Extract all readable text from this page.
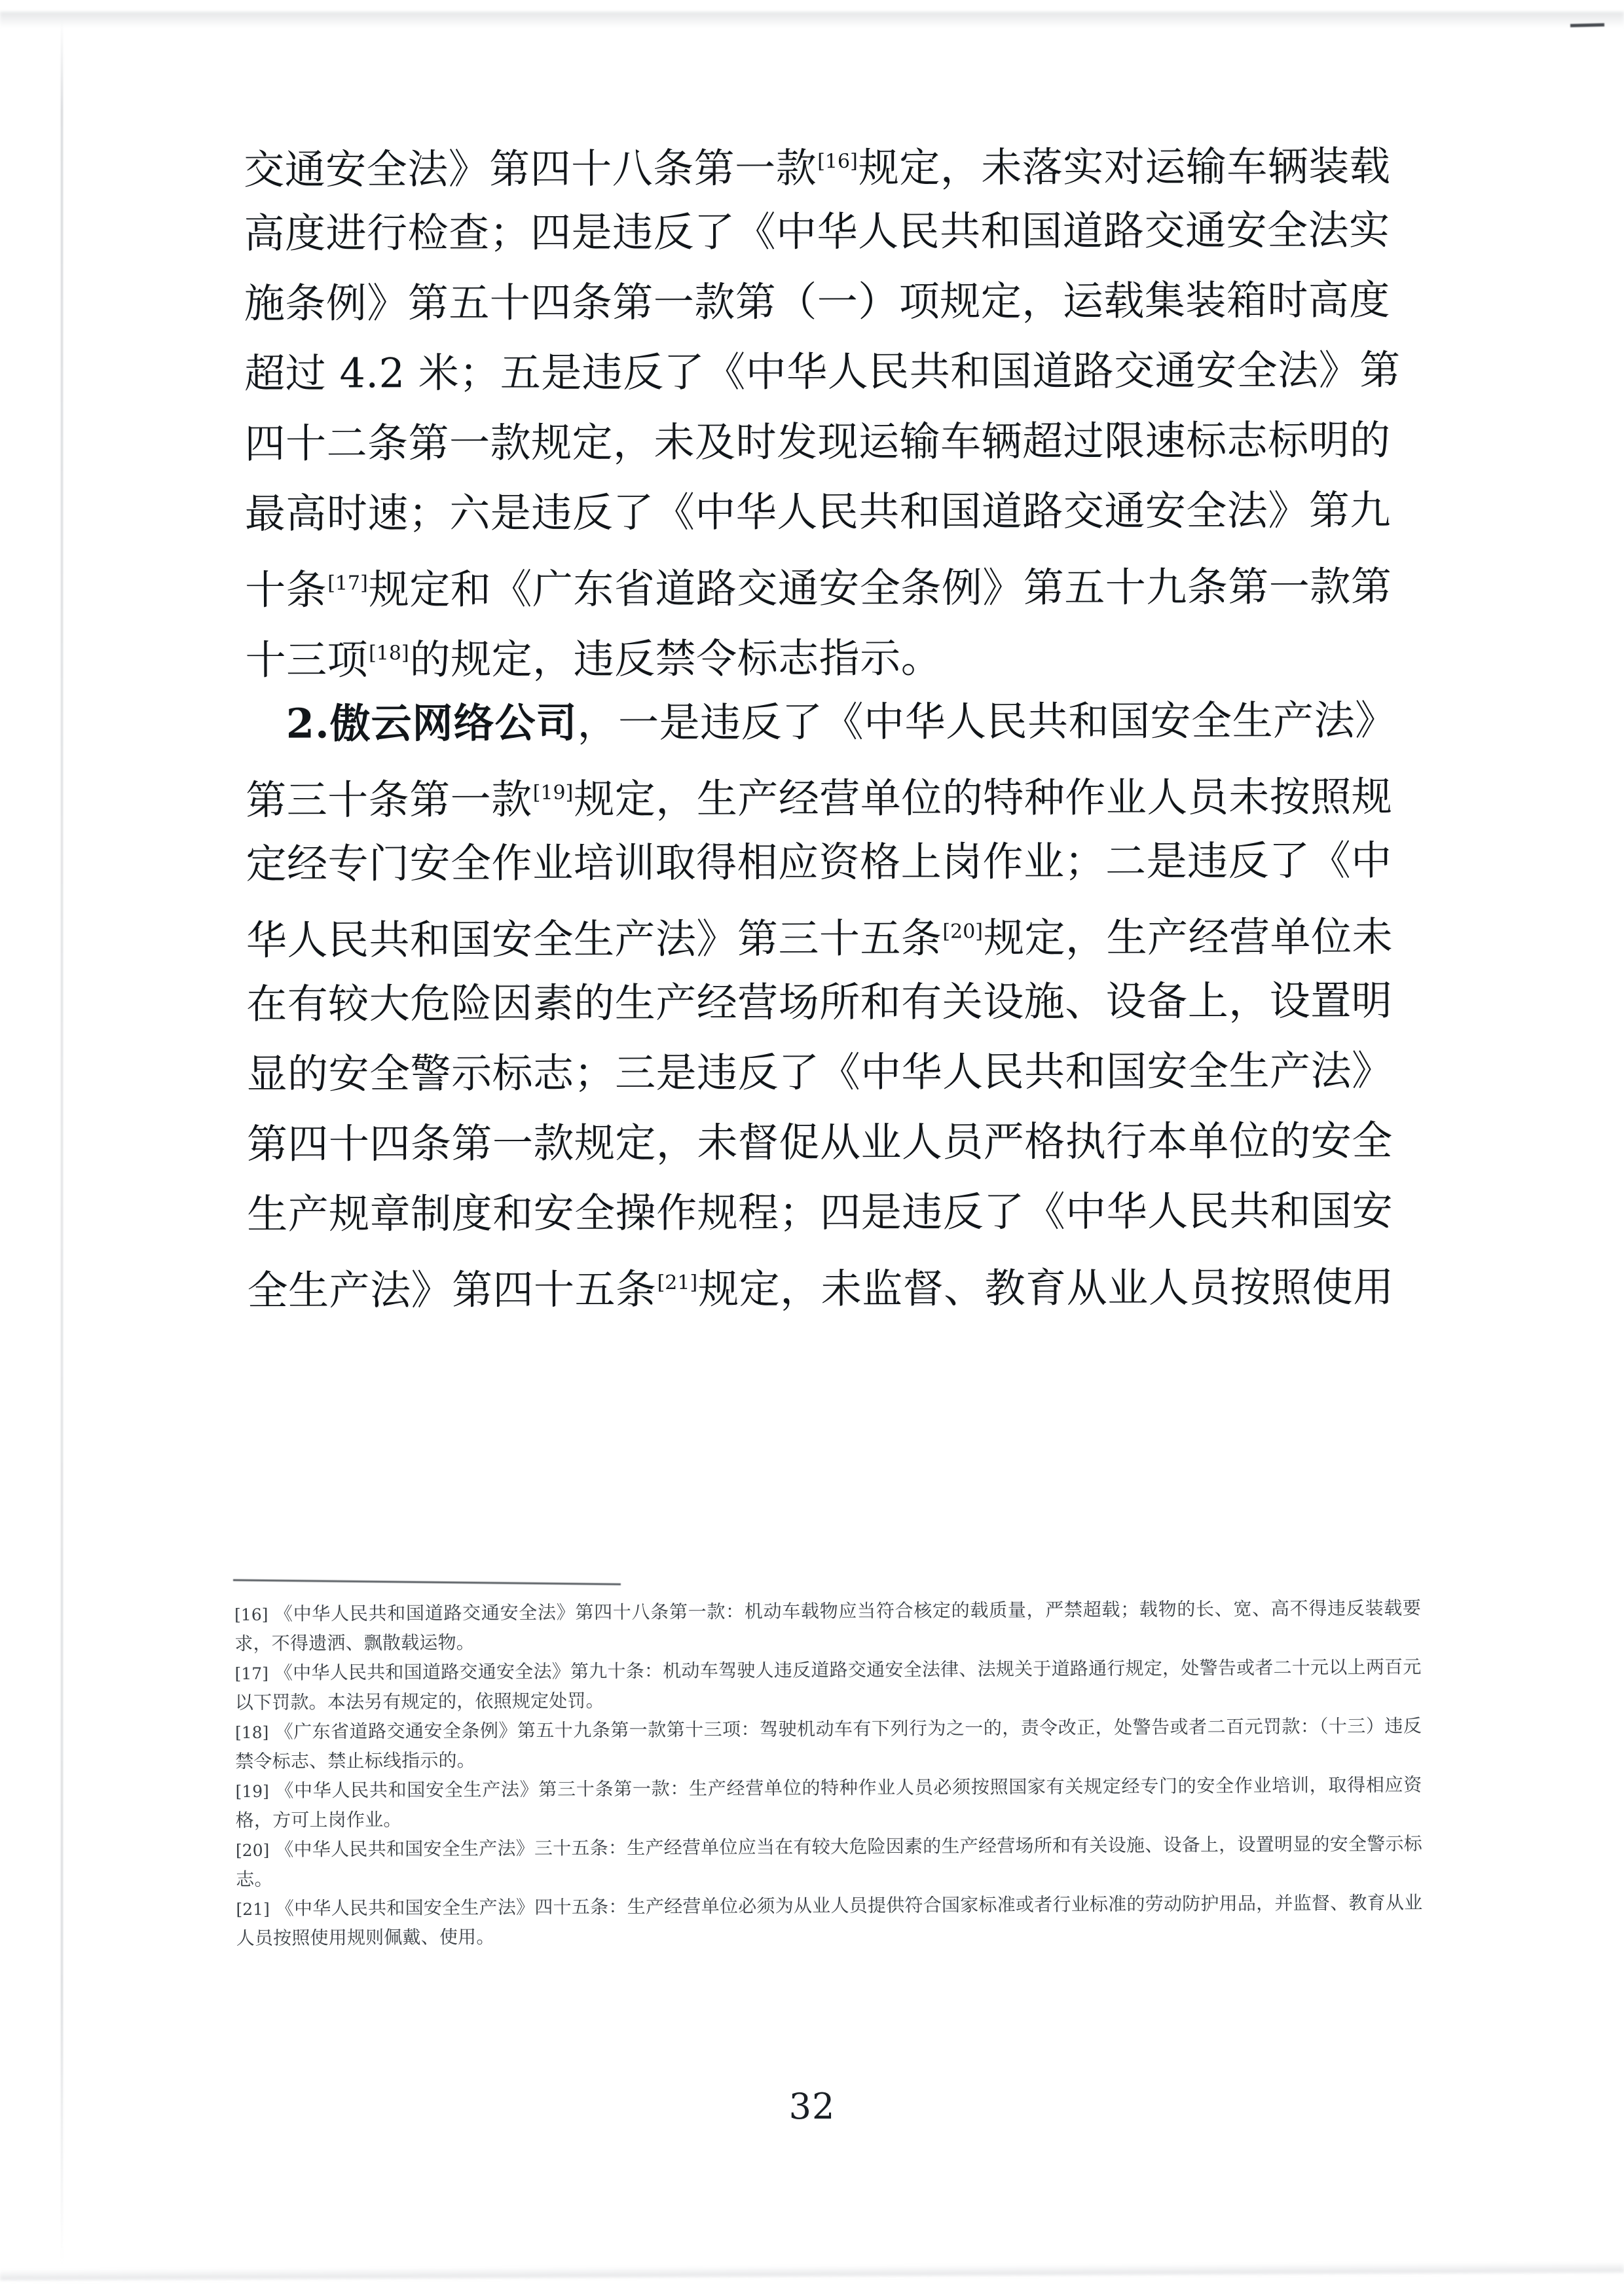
交通安全法》第四十八条第一款[16]规定，未落实对运输车辆装载
高度进行检查；四是违反了《中华人民共和国道路交通安全法实
施条例》第五十四条第一款第（一）项规定，运载集装箱时高度
超过 4.2 米；五是违反了《中华人民共和国道路交通安全法》第
四十二条第一款规定，未及时发现运输车辆超过限速标志标明的
最高时速；六是违反了《中华人民共和国道路交通安全法》第九
十条[17]规定和《广东省道路交通安全条例》第五十九条第一款第
十三项[18]的规定，违反禁令标志指示。
2.傲云网络公司，一是违反了《中华人民共和国安全生产法》
第三十条第一款[19]规定，生产经营单位的特种作业人员未按照规
定经专门安全作业培训取得相应资格上岗作业；二是违反了《中
华人民共和国安全生产法》第三十五条[20]规定，生产经营单位未
在有较大危险因素的生产经营场所和有关设施、设备上，设置明
显的安全警示标志；三是违反了《中华人民共和国安全生产法》
第四十四条第一款规定，未督促从业人员严格执行本单位的安全
生产规章制度和安全操作规程；四是违反了《中华人民共和国安
全生产法》第四十五条[21]规定，未监督、教育从业人员按照使用
[16] 《中华人民共和国道路交通安全法》第四十八条第一款：机动车载物应当符合核定的载质量，严禁超载；载物的长、宽、高不得违反装载要求，不得遗洒、飘散载运物。
[17] 《中华人民共和国道路交通安全法》第九十条：机动车驾驶人违反道路交通安全法律、法规关于道路通行规定，处警告或者二十元以上两百元以下罚款。本法另有规定的，依照规定处罚。
[18] 《广东省道路交通安全条例》第五十九条第一款第十三项：驾驶机动车有下列行为之一的，责令改正，处警告或者二百元罚款：（十三）违反禁令标志、禁止标线指示的。
[19] 《中华人民共和国安全生产法》第三十条第一款：生产经营单位的特种作业人员必须按照国家有关规定经专门的安全作业培训，取得相应资格，方可上岗作业。
[20] 《中华人民共和国安全生产法》三十五条：生产经营单位应当在有较大危险因素的生产经营场所和有关设施、设备上，设置明显的安全警示标志。
[21] 《中华人民共和国安全生产法》四十五条：生产经营单位必须为从业人员提供符合国家标准或者行业标准的劳动防护用品，并监督、教育从业人员按照使用规则佩戴、使用。
32
